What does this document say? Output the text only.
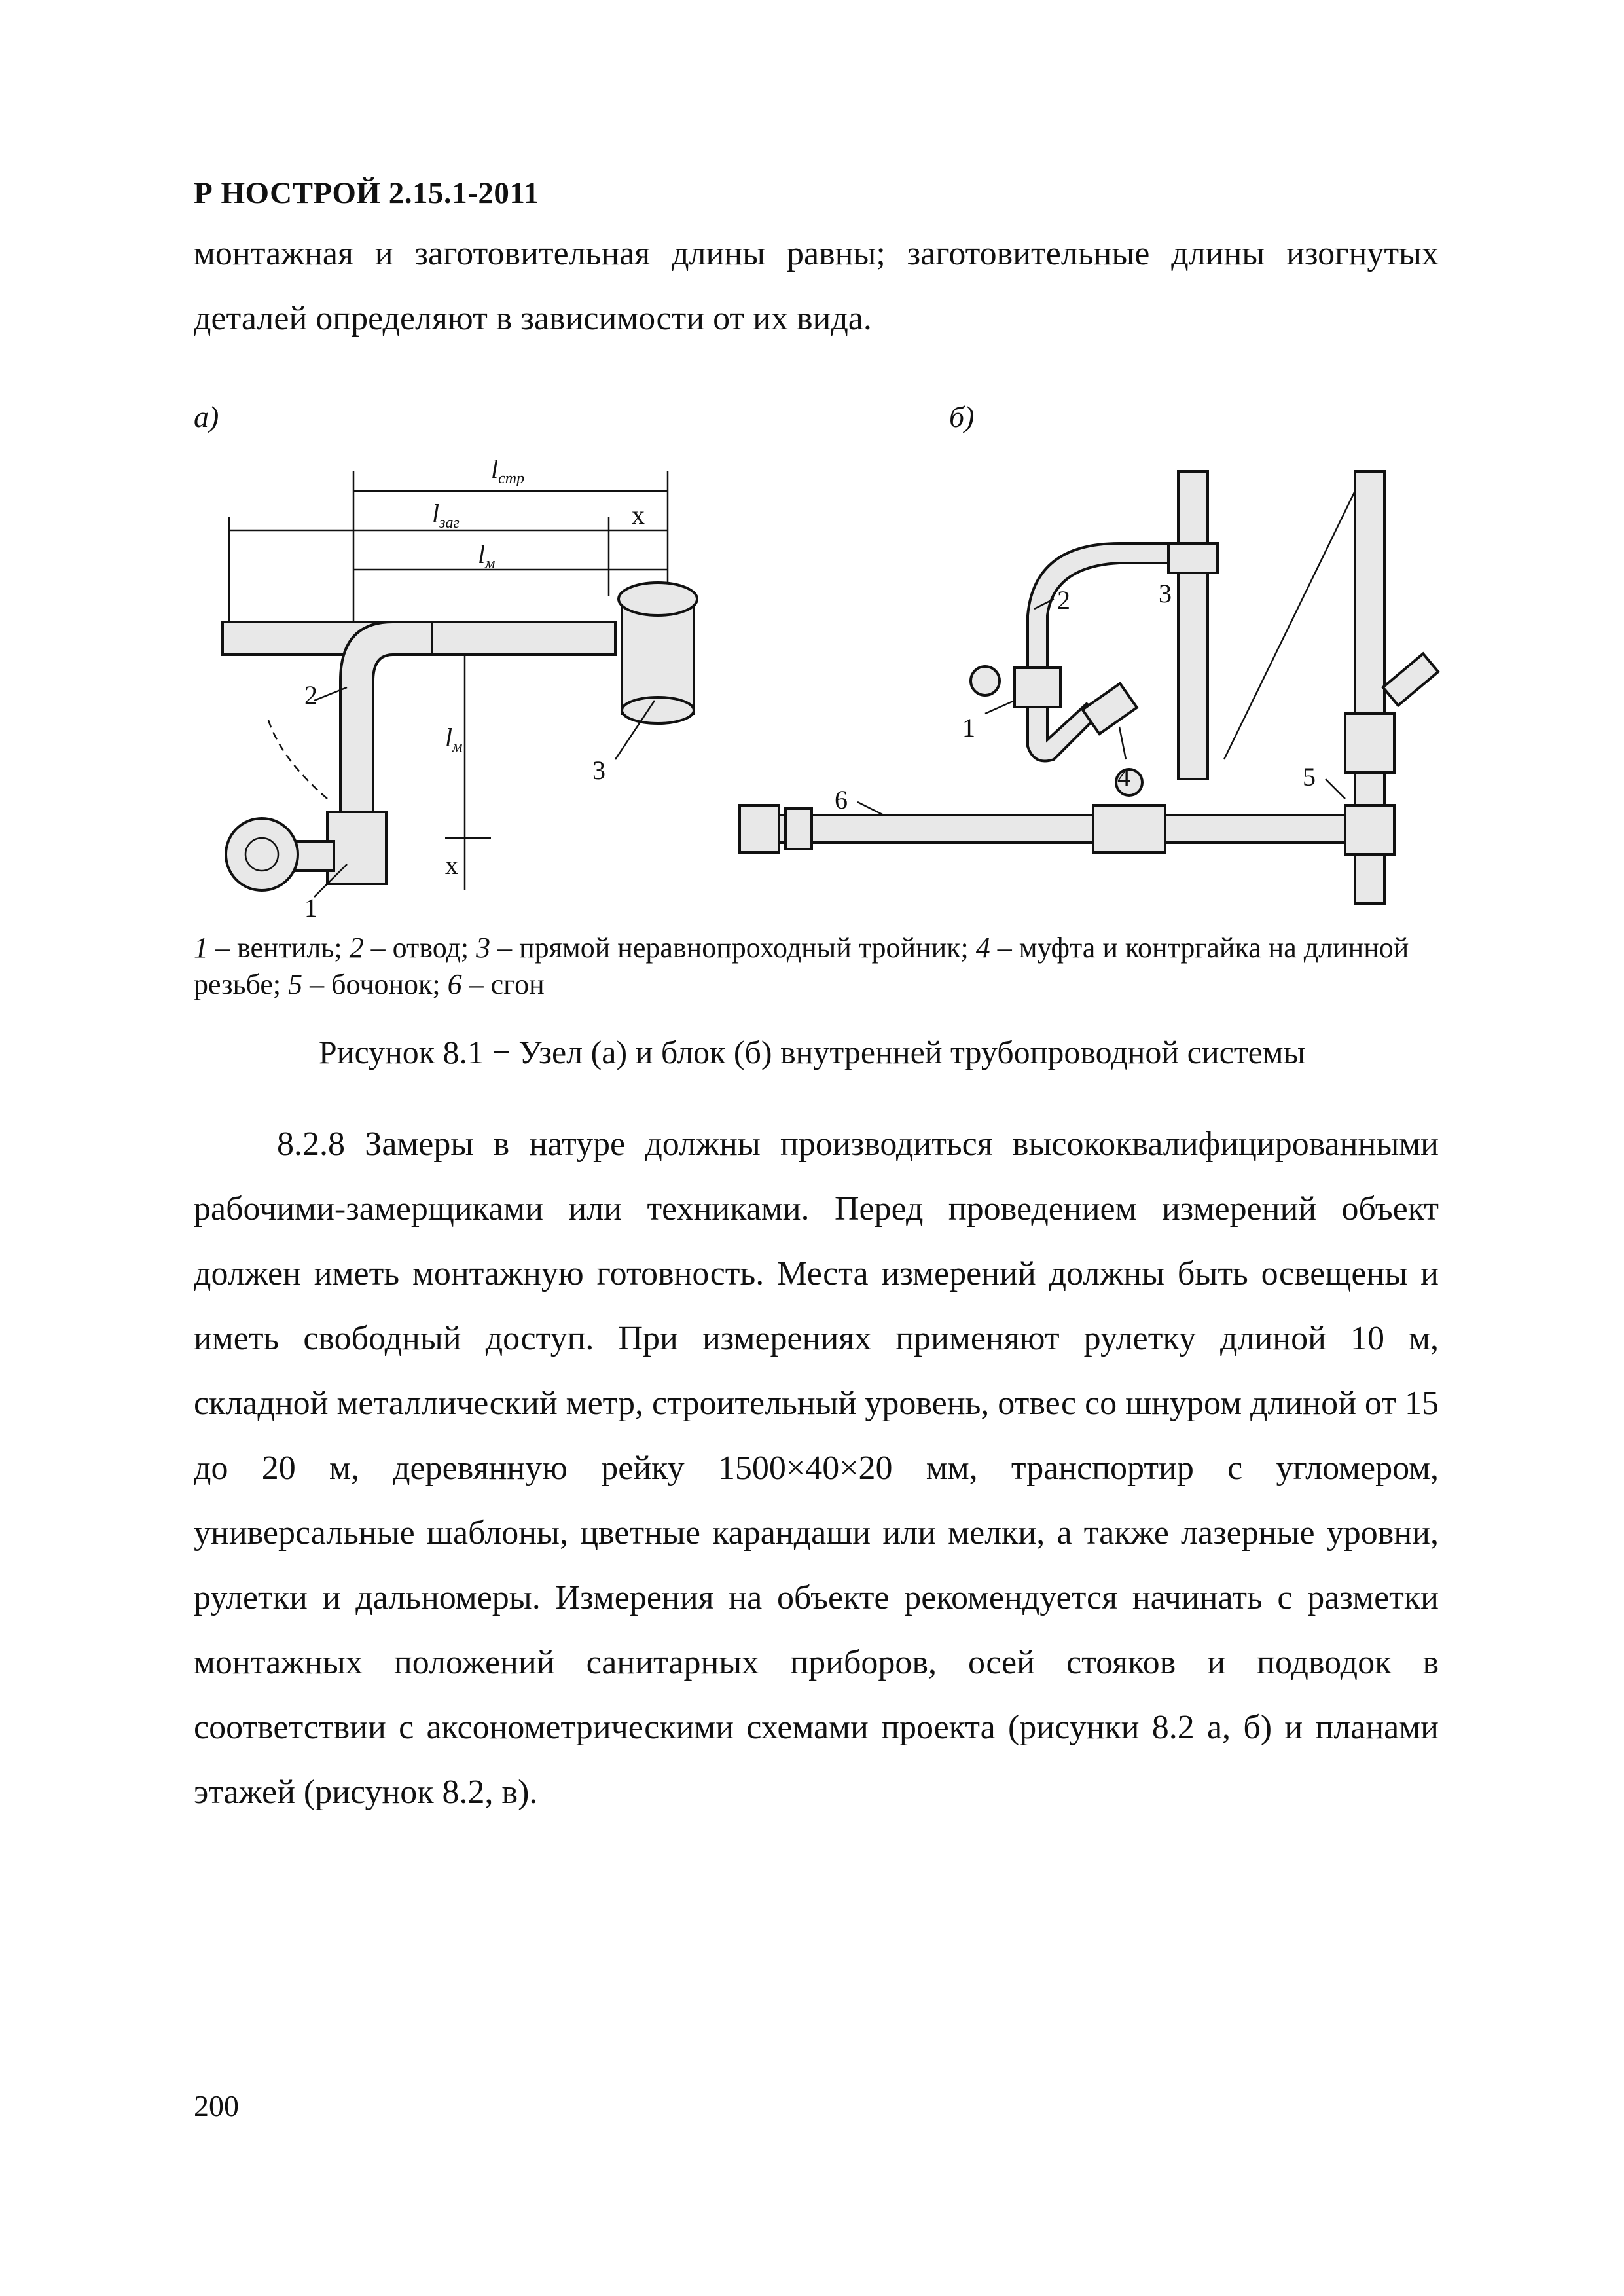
Р НОСТРОЙ 2.15.1-2011
монтажная и заготовительная длины равны; заготовительные длины изогнутых деталей определяют в зависимости от их вида.
а)	б)
$l_{стр}$
$l_{заг}$	x
$l_м$
$l_м$
x
2
1
3
2	3
1
4	5
6
1 – вентиль; 2 – отвод; 3 – прямой неравнопроходный тройник; 4 – муфта и контргайка на длинной резьбе; 5 – бочонок; 6 – сгон
Рисунок 8.1 − Узел (а) и блок (б) внутренней трубопроводной системы
8.2.8 Замеры в натуре должны производиться высококвалифицированными рабочими-замерщиками или техниками. Перед проведением измерений объект должен иметь монтажную готовность. Места измерений должны быть освещены и иметь свободный доступ. При измерениях применяют рулетку длиной 10 м, складной металлический метр, строительный уровень, отвес со шнуром длиной от 15 до 20 м, деревянную рейку 1500×40×20 мм, транспортир с угломером, универсальные шаблоны, цветные карандаши или мелки, а также лазерные уровни, рулетки и дальномеры. Измерения на объекте рекомендуется начинать с разметки монтажных положений санитарных приборов, осей стояков и подводок в соответствии с аксонометрическими схемами проекта (рисунки 8.2 а, б) и планами этажей (рисунок 8.2, в).
200
